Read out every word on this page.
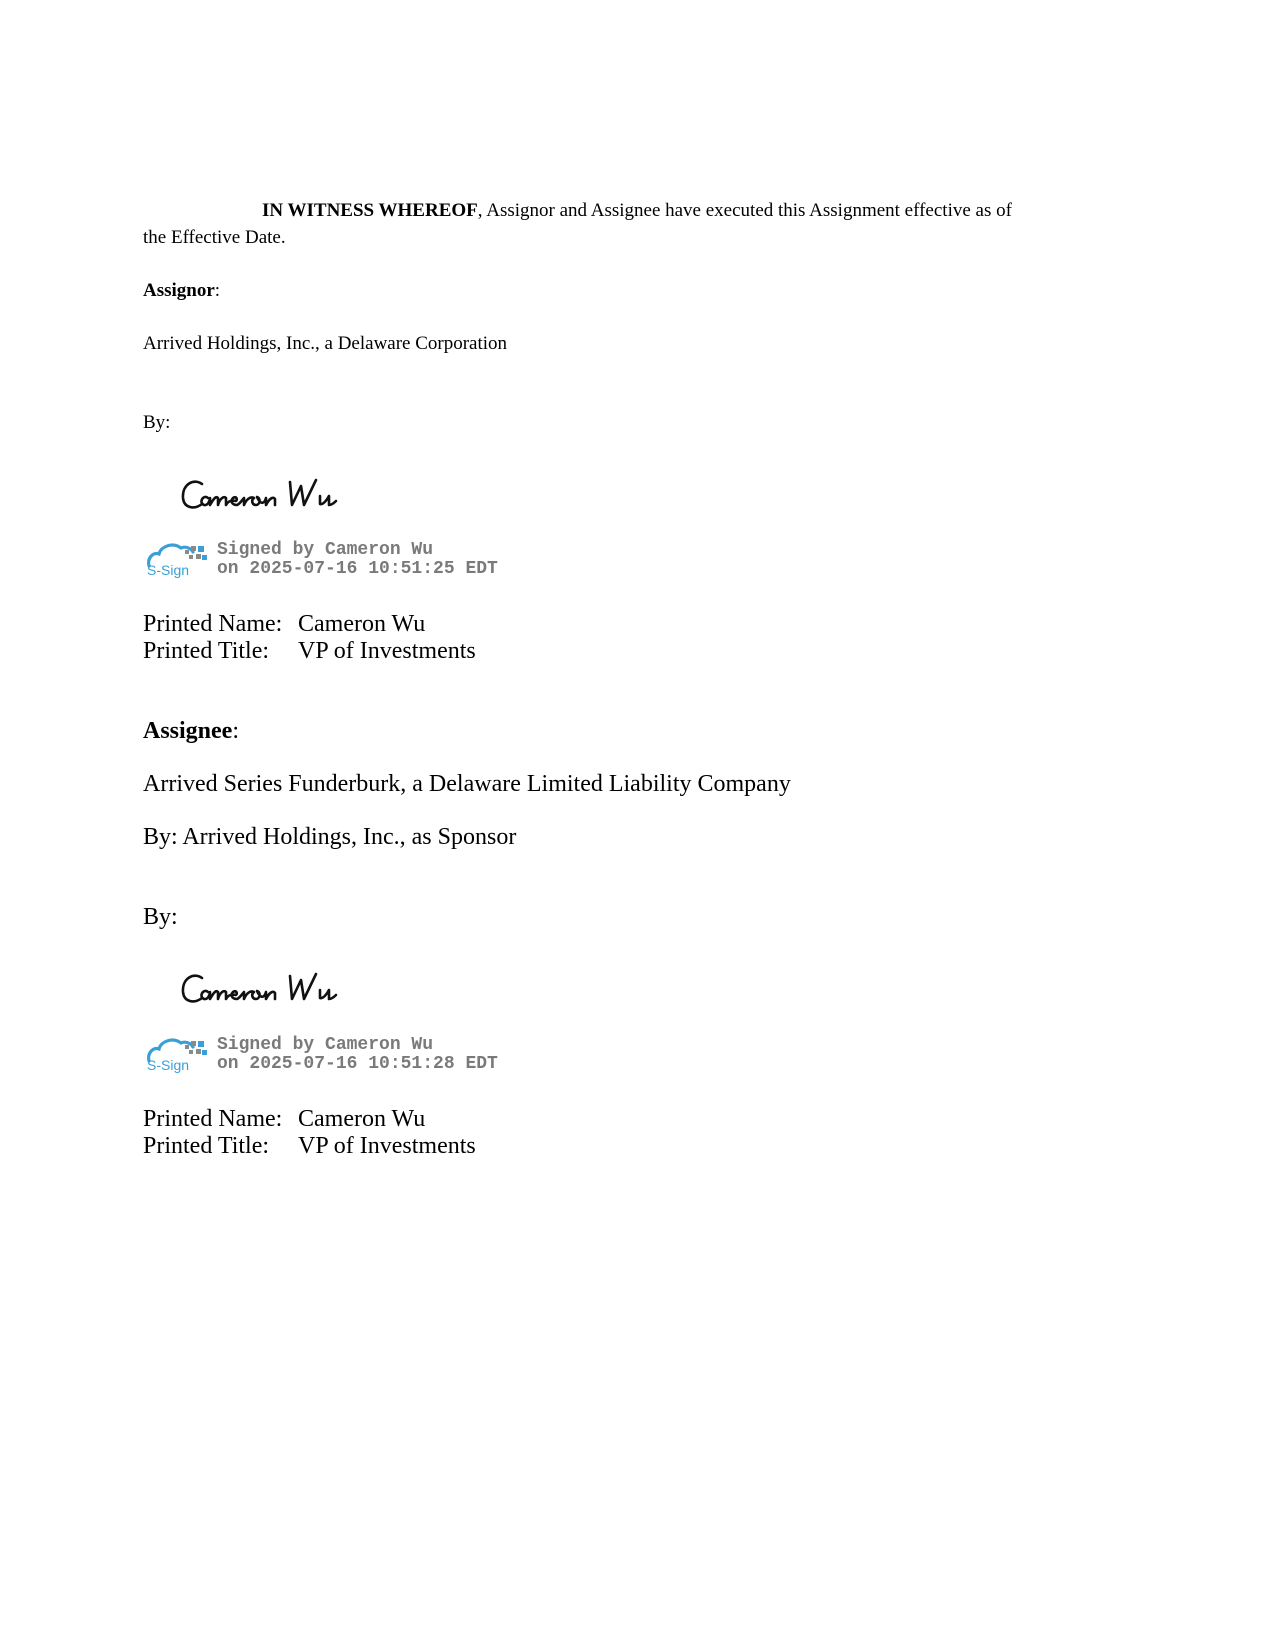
IN WITNESS WHEREOF, Assignor and Assignee have executed this Assignment effective as of
the Effective Date.
Assignor:
Arrived Holdings, Inc., a Delaware Corporation
By:
S-Sign
Signed by Cameron Wu
on 2025-07-16 10:51:25 EDT
Printed Name: Cameron Wu
Printed Title: VP of Investments
Assignee:
Arrived Series Funderburk, a Delaware Limited Liability Company
By: Arrived Holdings, Inc., as Sponsor
By:
S-Sign
Signed by Cameron Wu
on 2025-07-16 10:51:28 EDT
Printed Name: Cameron Wu
Printed Title: VP of Investments
